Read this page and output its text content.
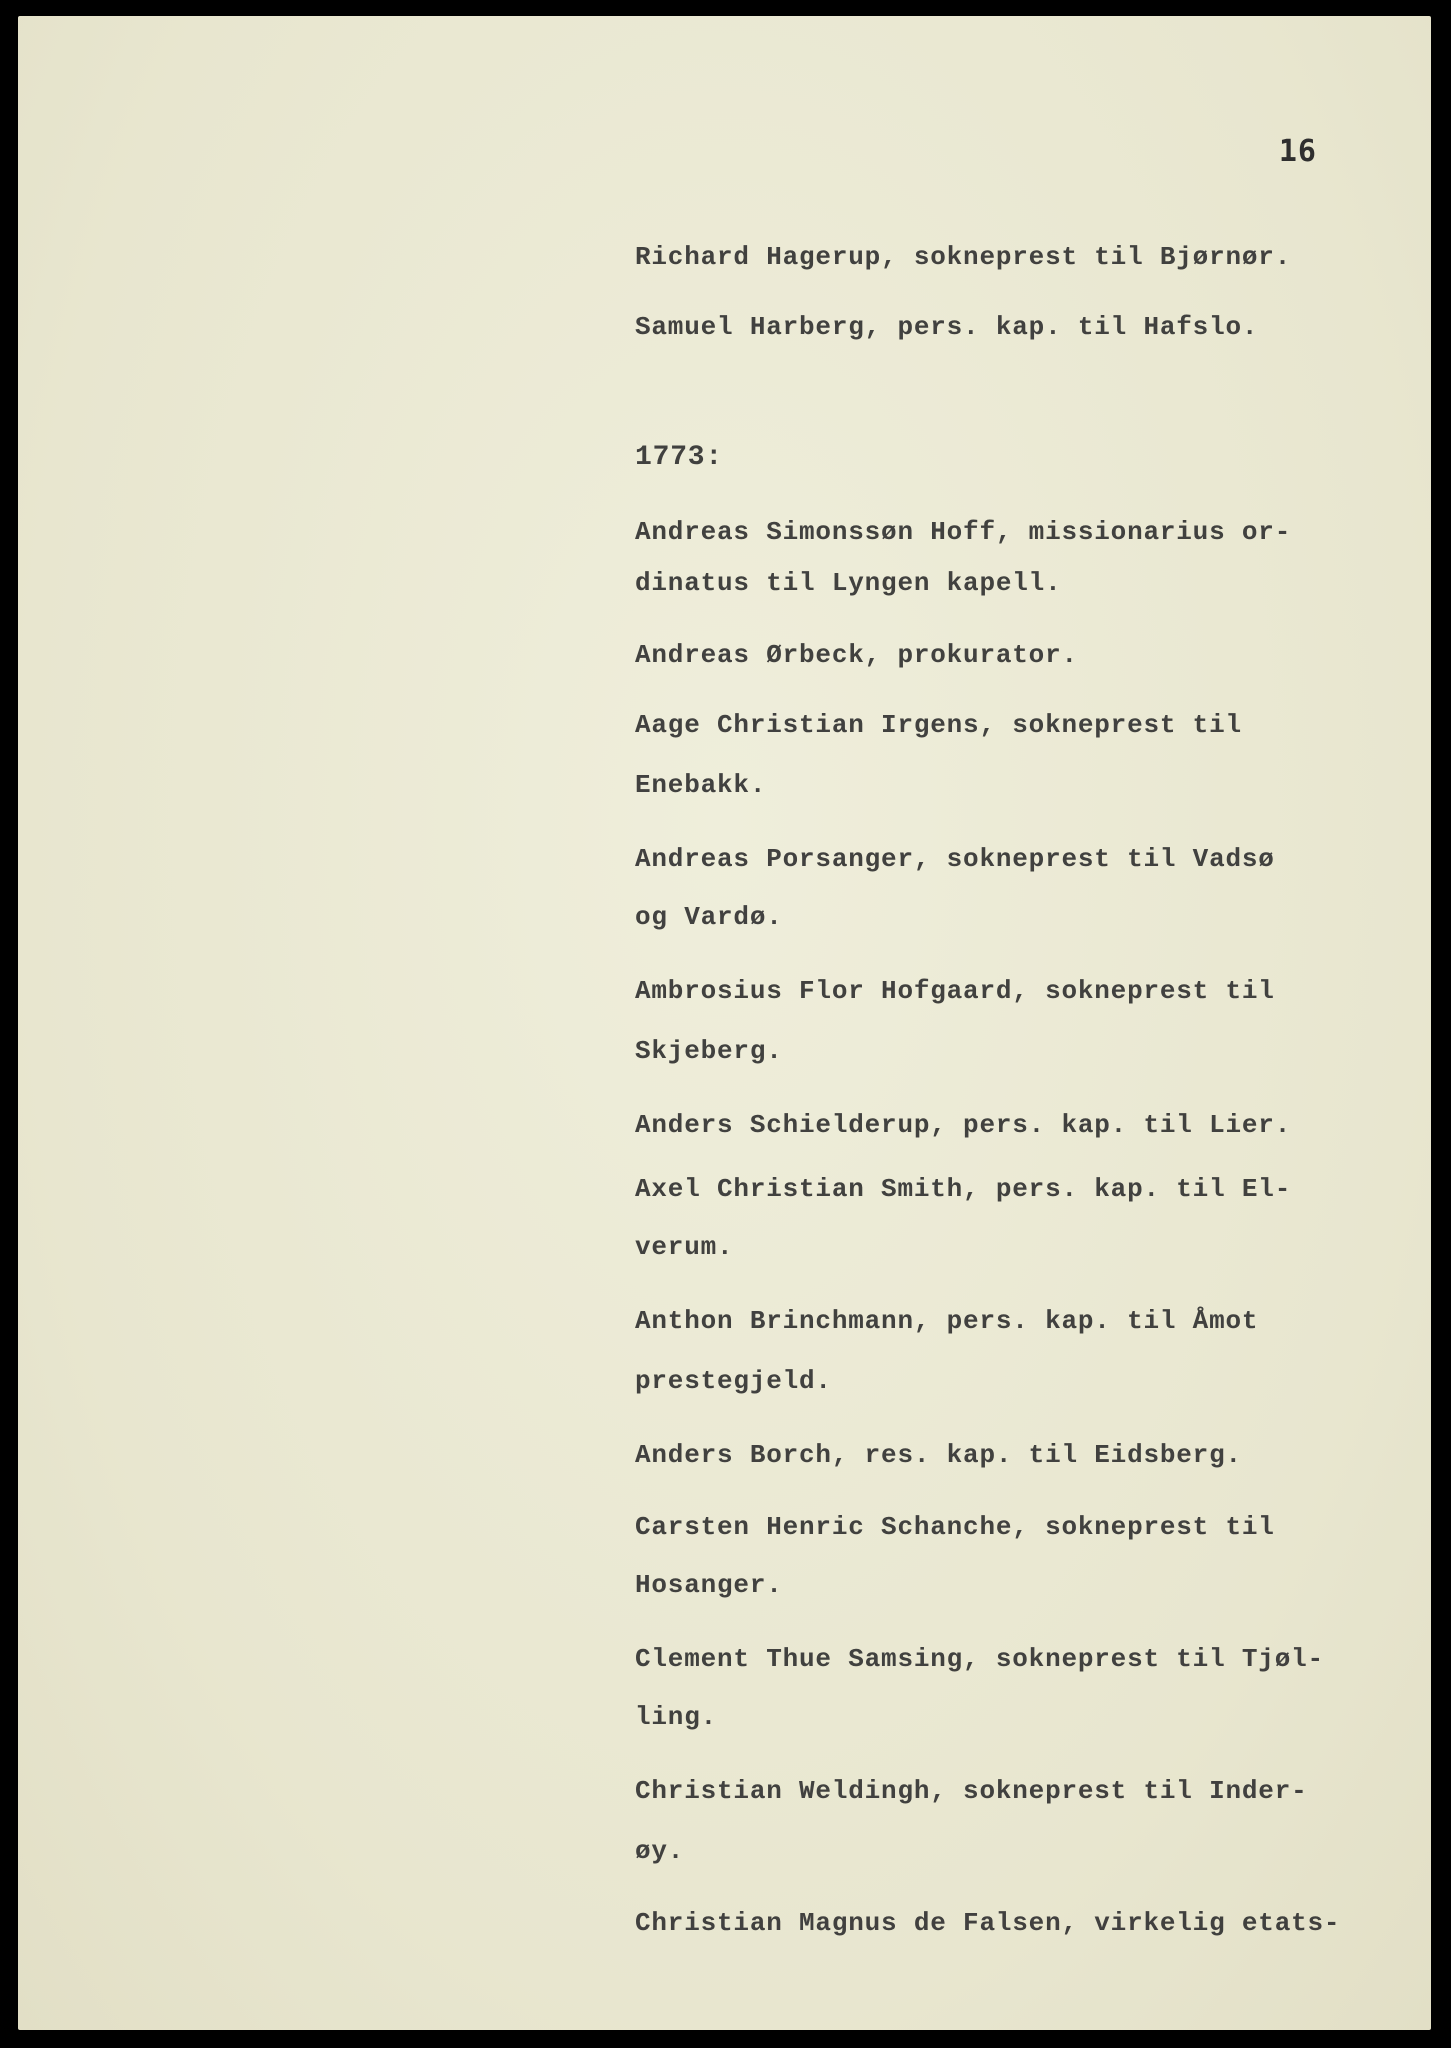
16
Richard Hagerup, sokneprest til Bjørnør.
Samuel Harberg, pers. kap. til Hafslo.
1773:
Andreas Simonssøn Hoff, missionarius or-
dinatus til Lyngen kapell.
Andreas Ørbeck, prokurator.
Aage Christian Irgens, sokneprest til
Enebakk.
Andreas Porsanger, sokneprest til Vadsø
og Vardø.
Ambrosius Flor Hofgaard, sokneprest til
Skjeberg.
Anders Schielderup, pers. kap. til Lier.
Axel Christian Smith, pers. kap. til El-
verum.
Anthon Brinchmann, pers. kap. til Åmot
prestegjeld.
Anders Borch, res. kap. til Eidsberg.
Carsten Henric Schanche, sokneprest til
Hosanger.
Clement Thue Samsing, sokneprest til Tjøl-
ling.
Christian Weldingh, sokneprest til Inder-
øy.
Christian Magnus de Falsen, virkelig etats-
